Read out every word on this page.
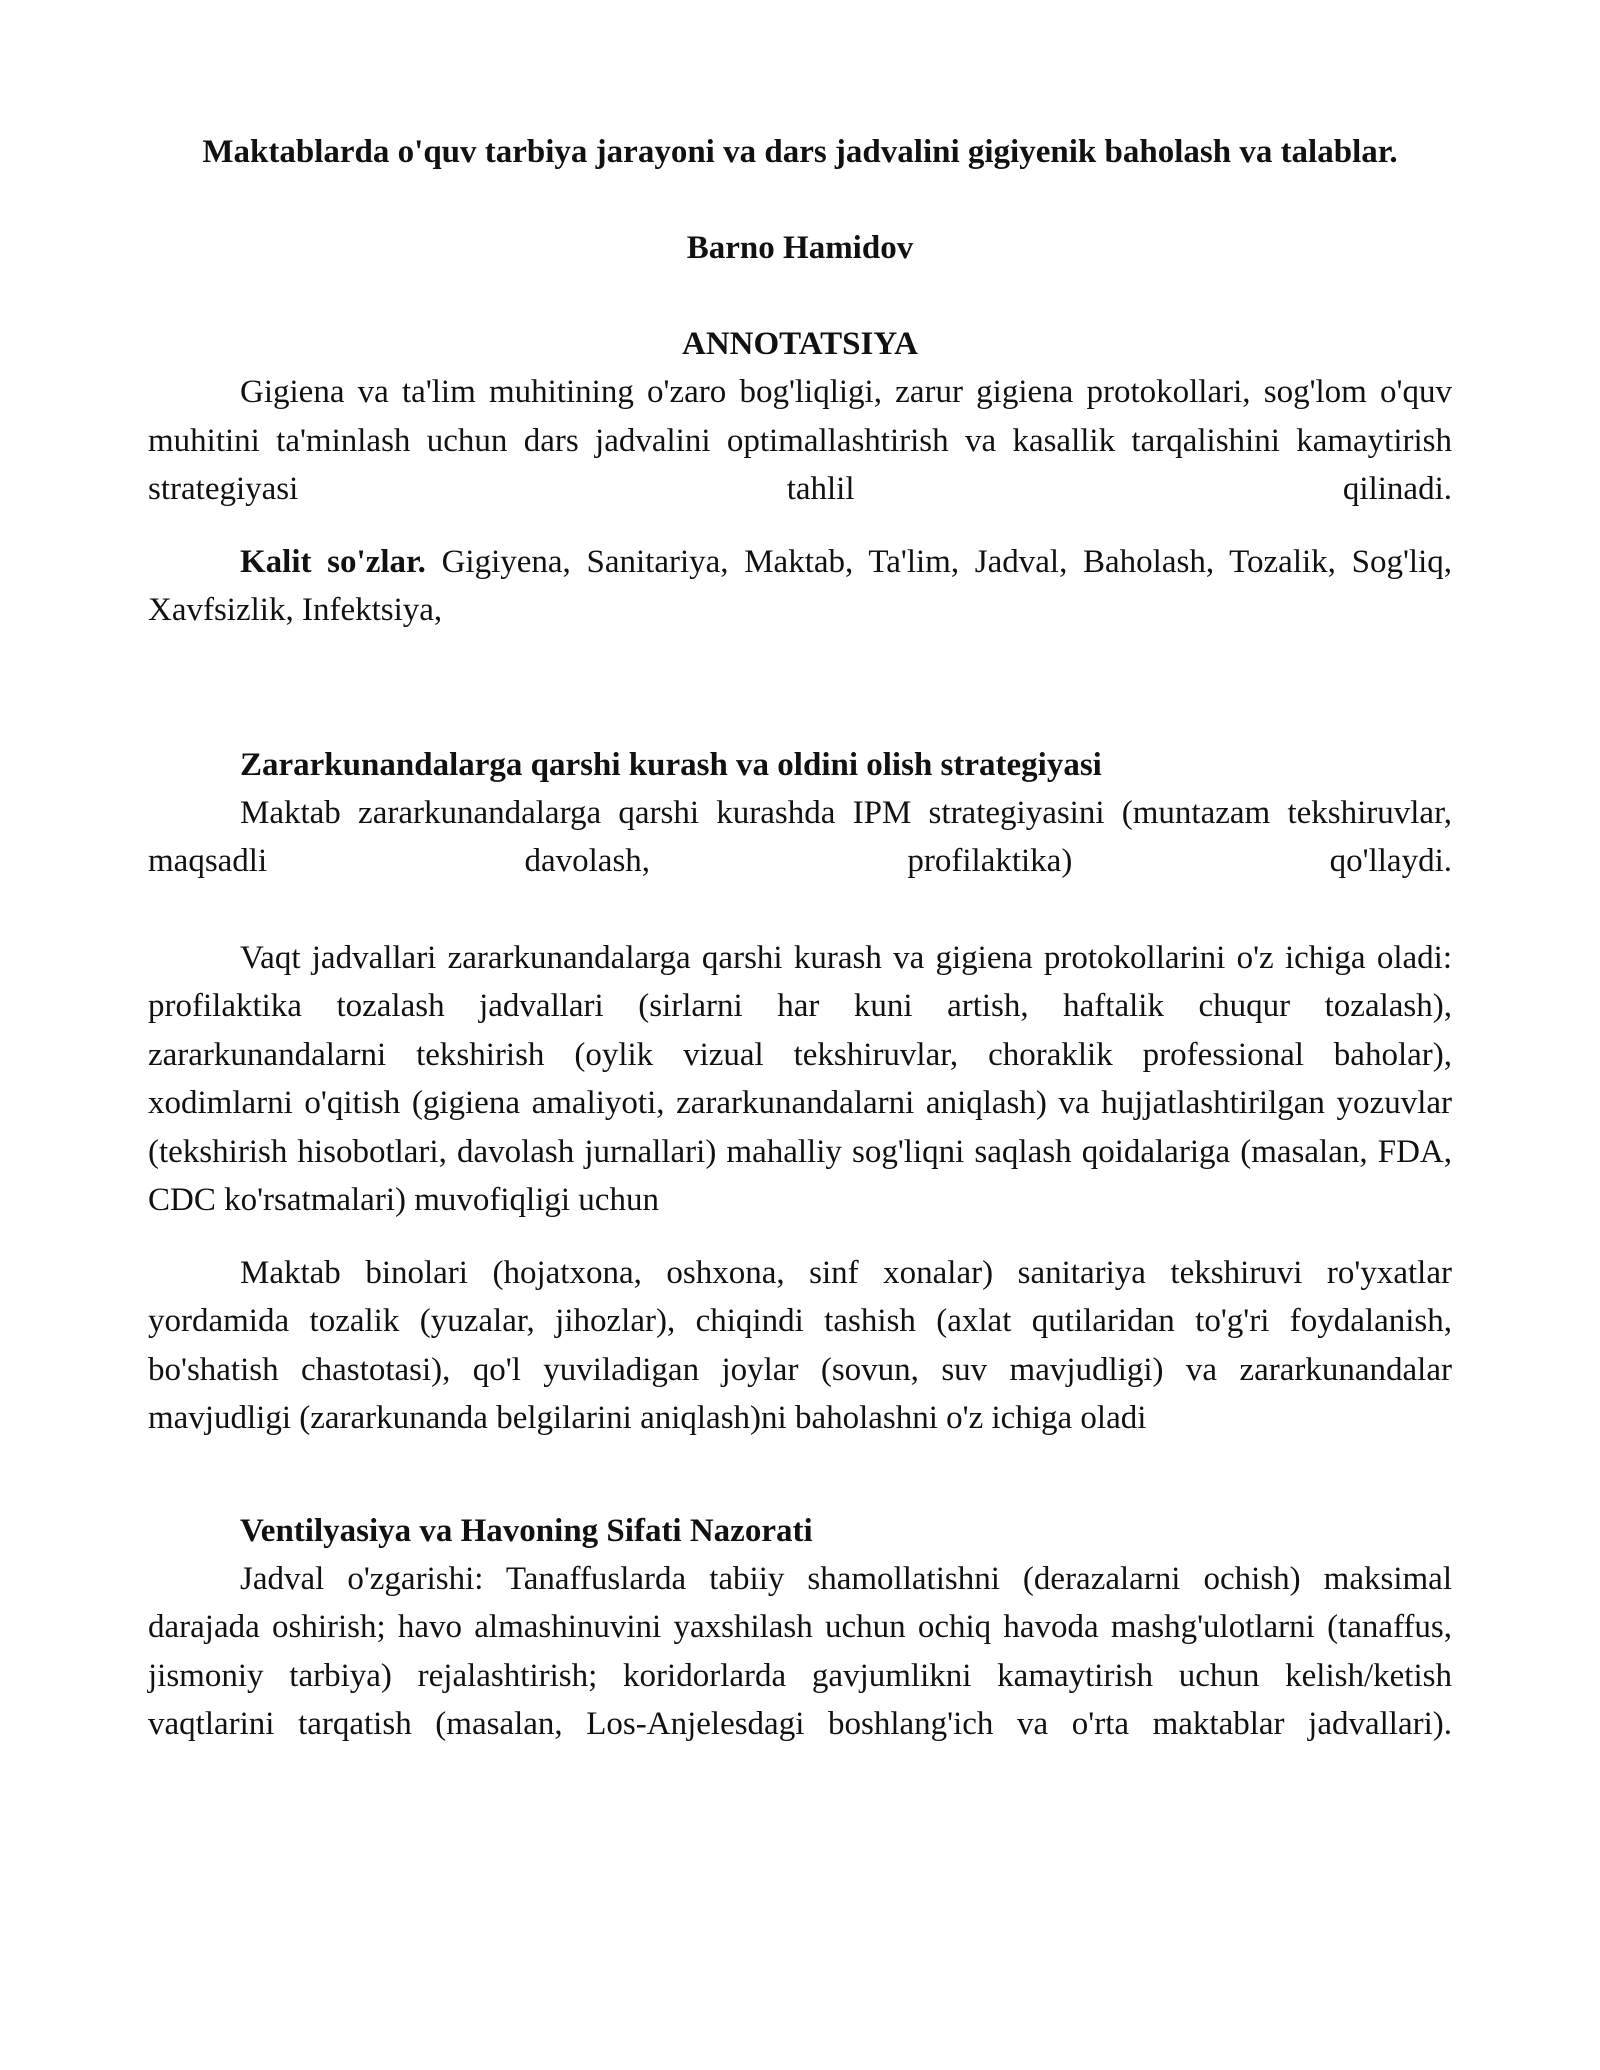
Maktablarda o'quv tarbiya jarayoni va dars jadvalini gigiyenik baholash va talablar.
Barno Hamidov
ANNOTATSIYA

Gigiena va ta'lim muhitining o'zaro bog'liqligi, zarur gigiena protokollari, sog'lom o'quv muhitini ta'minlash uchun dars jadvalini optimallashtirish va kasallik tarqalishini kamaytirish strategiyasi tahlil qilinadi.

Kalit so'zlar. Gigiyena, Sanitariya, Maktab, Ta'lim, Jadval, Baholash, Tozalik, Sog'liq, Xavfsizlik, Infektsiya,

Zararkunandalarga qarshi kurash va oldini olish strategiyasi

Maktab zararkunandalarga qarshi kurashda IPM strategiyasini (muntazam tekshiruvlar, maqsadli davolash, profilaktika) qo'llaydi.

Vaqt jadvallari zararkunandalarga qarshi kurash va gigiena protokollarini o'z ichiga oladi: profilaktika tozalash jadvallari (sirlarni har kuni artish, haftalik chuqur tozalash), zararkunandalarni tekshirish (oylik vizual tekshiruvlar, choraklik professional baholar), xodimlarni o'qitish (gigiena amaliyoti, zararkunandalarni aniqlash) va hujjatlashtirilgan yozuvlar (tekshirish hisobotlari, davolash jurnallari) mahalliy sog'liqni saqlash qoidalariga (masalan, FDA, CDC ko'rsatmalari) muvofiqligi uchun

Maktab binolari (hojatxona, oshxona, sinf xonalar) sanitariya tekshiruvi ro'yxatlar yordamida tozalik (yuzalar, jihozlar), chiqindi tashish (axlat qutilaridan to'g'ri foydalanish, bo'shatish chastotasi), qo'l yuviladigan joylar (sovun, suv mavjudligi) va zararkunandalar mavjudligi (zararkunanda belgilarini aniqlash)ni baholashni o'z ichiga oladi

Ventilyasiya va Havoning Sifati Nazorati

Jadval o'zgarishi: Tanaffuslarda tabiiy shamollatishni (derazalarni ochish) maksimal darajada oshirish; havo almashinuvini yaxshilash uchun ochiq havoda mashg'ulotlarni (tanaffus, jismoniy tarbiya) rejalashtirish; koridorlarda gavjumlikni kamaytirish uchun kelish/ketish vaqtlarini tarqatish (masalan, Los-Anjelesdagi boshlang'ich va o'rta maktablar jadvallari).
